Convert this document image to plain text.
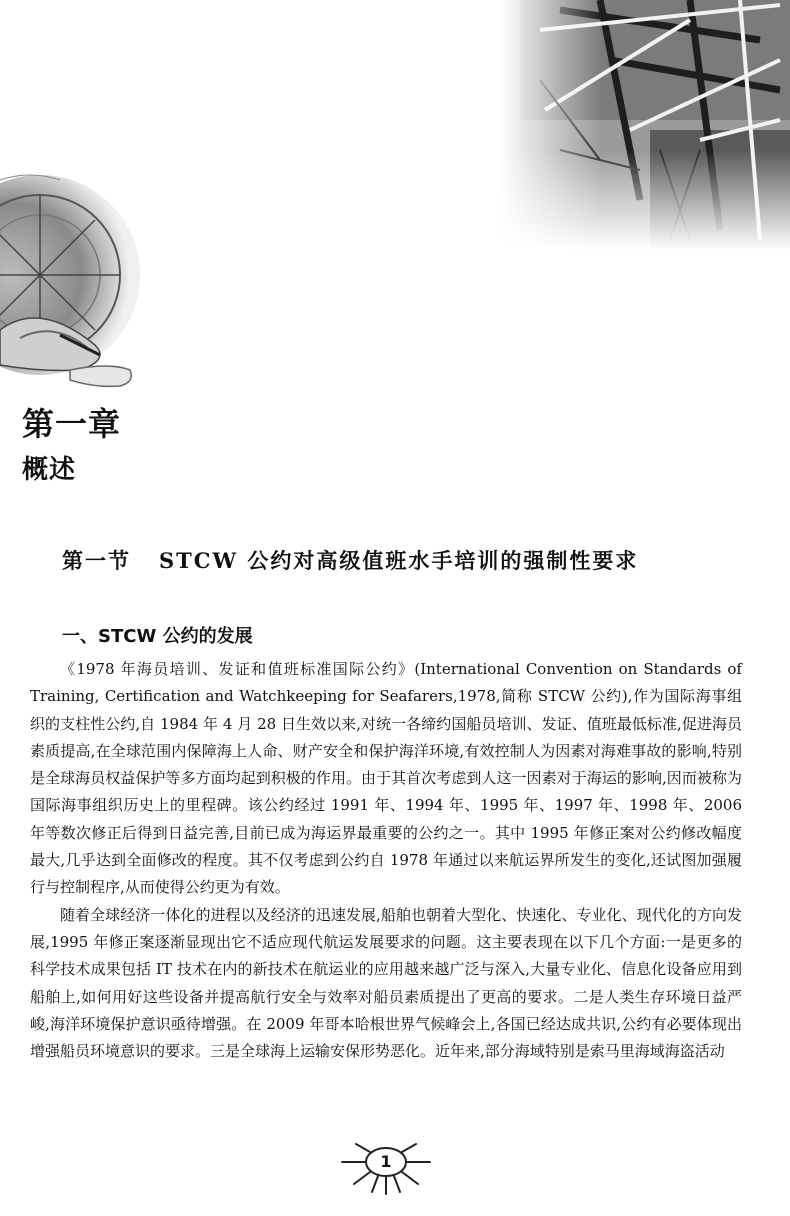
第一章
概述
第一节 STCW 公约对高级值班水手培训的强制性要求
一、STCW 公约的发展

《1978 年海员培训、发证和值班标准国际公约》(International Convention on Standards of Training, Certification and Watchkeeping for Seafarers,1978,简称 STCW 公约),作为国际海事组织的支柱性公约,自 1984 年 4 月 28 日生效以来,对统一各缔约国船员培训、发证、值班最低标准,促进海员素质提高,在全球范围内保障海上人命、财产安全和保护海洋环境,有效控制人为因素对海难事故的影响,特别是全球海员权益保护等多方面均起到积极的作用。由于其首次考虑到人这一因素对于海运的影响,因而被称为国际海事组织历史上的里程碑。该公约经过 1991 年、1994 年、1995 年、1997 年、1998 年、2006 年等数次修正后得到日益完善,目前已成为海运界最重要的公约之一。其中 1995 年修正案对公约修改幅度最大,几乎达到全面修改的程度。其不仅考虑到公约自 1978 年通过以来航运界所发生的变化,还试图加强履行与控制程序,从而使得公约更为有效。

随着全球经济一体化的进程以及经济的迅速发展,船舶也朝着大型化、快速化、专业化、现代化的方向发展,1995 年修正案逐渐显现出它不适应现代航运发展要求的问题。这主要表现在以下几个方面:一是更多的科学技术成果包括 IT 技术在内的新技术在航运业的应用越来越广泛与深入,大量专业化、信息化设备应用到船舶上,如何用好这些设备并提高航行安全与效率对船员素质提出了更高的要求。二是人类生存环境日益严峻,海洋环境保护意识亟待增强。在 2009 年哥本哈根世界气候峰会上,各国已经达成共识,公约有必要体现出增强船员环境意识的要求。三是全球海上运输安保形势恶化。近年来,部分海域特别是索马里海域海盗活动

1
